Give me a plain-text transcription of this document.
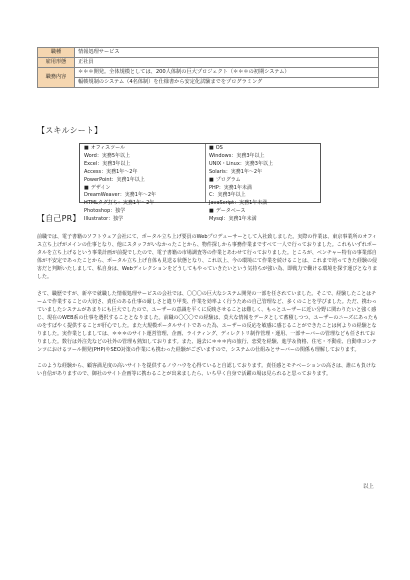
職種	情報処理サービス
雇用形態	正社員
職務内容	＊＊＊開発。全体規模としては、200人体制の巨大プロジェクト（＊＊＊の初期システム）
	輻輳規制のシステム（4名体制）を仕様書から安定化試験までをプログラミング
【スキルシート】
■ オフィスツール
Word：実務5年以上
Excel：実務3年以上
Access：実務1年～2年
PowerPoint：実務1年以上
■ デザイン
DreamWeaver：実務1年～2年
HTMLタグ打ち：実務1年～2年
Photoshop：独学
Illustrator：独学
■ OS
Windows：実務3年以上
UNIX・Linux：実務3年以上
Solaris：実務1年～2年
■ プログラム
PHP：実務1年未満
C：実務3年以上
JavaScript：実務1年未満
■ データベース
Mysql：実務1年未満
【自己PR】

前職では、電子書籍のソフトウェア会社にて、ポータル立ち上げ要員のWebプロデューサーとして入社致しました。実際の作業は、東京事業所のオフィス立ち上げがメインの仕事となり、他にスタッフがいなかったことから、物件探しから事務作業まですべて一人で行っておりました。これもいずれポータルを立ち上げるという事業計画が前提でしたので、電子書籍の市場調査等の作業とあわせて行っておりました。ところが、ベンチャー特有の事業部自体が不安定であったことから、ポータル立ち上げ自体も見送る状態となり、これ以上、今の環境にて作業を続けることは、これまで培ってきた経験の侵害だと判断いたしまして、私自身は、Webディレクションをどうしてもやっていきたいという気持ちが強い為、即戦力で働ける環境を探す運びとなりました。

さて、職歴ですが、新卒で就職した情報処理サービスの会社では、〇〇〇の巨大なシステム開発の一部を任されていました。そこで、経験したことはチームで作業することの大切さ、責任のある仕事の厳しさと遣り甲斐、作業を効率よく行うための自己管理など、多くのことを学びました。ただ、携わっていましたシステムがあまりにも巨大でしたので、ユーザーの意識を平くに反映させることは難しく、もっとユーザーに近い分野に関わりたいと強く感じ、現在のWEB系の仕事を選択することとなりました。前職の〇〇〇での経験は、莫大な情報をデータとして蓄積しつつ、ユーザーのニーズにあったものをすばやく提供することが肝心でした。また大規模ポータルサイトであった為、ユーザーの反応を敏感に感じることができたことは何よりの経験となりました。実作業としましては、＊＊＊のサイト運営管理、企画、ライティング、ディレクトリ制作管理・運用、一部サーバーの管理なども任されておりました。数行は外注先などの社外の管理も熟知しております。また、過去に＊＊＊内の旅行、恋愛を経験、進学＆資格、住宅・不動産、自動車コンテンツにおけるツール開発(PHP)やSEO対策の作業にも携わった経験がございますので、システムの仕組みとサーバーの関係も理解しております。

このような経験から、顧客満足度の高いサイトを提供するノウハウを心得ていると自認しております。責任感とモチベーションの高さは、誰にも負けない自信がありますので、御社のサイト企画等に携わることが出来ましたら、いち早く自身で活躍の場は見られると思っております。

以上
